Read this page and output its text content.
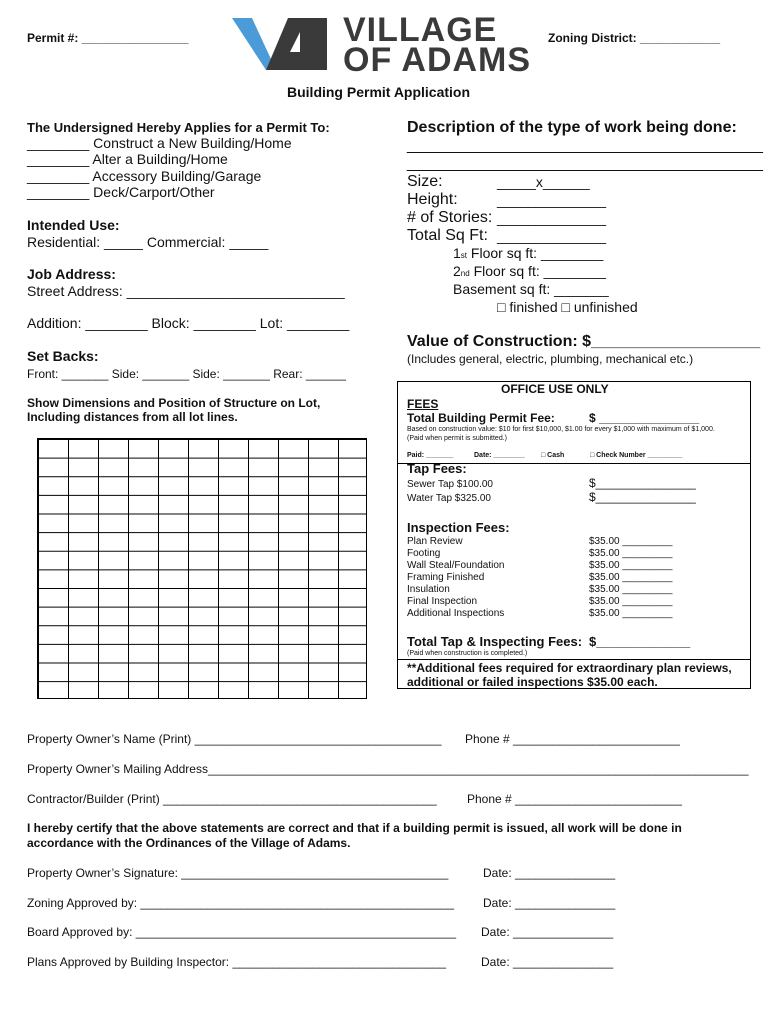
Permit #: ________________	Zoning District: ____________
VILLAGE
OF ADAMS
Building Permit Application
The Undersigned Hereby Applies for a Permit To:
________ Construct a New Building/Home
________ Alter a Building/Home
________ Accessory Building/Garage
________ Deck/Carport/Other
Intended Use:
Residential: _____ Commercial: _____
Job Address:
Street Address: ____________________________
Addition: ________ Block: ________ Lot: ________
Set Backs:
Front: _______ Side: _______ Side: _______ Rear: ______
Show Dimensions and Position of Structure on Lot,
Including distances from all lot lines.
Description of the type of work being done:
________________________________________
________________________________________
Size:	_____x______
Height:	______________
# of Stories: ______________
Total Sq Ft: ______________
1st Floor sq ft: ________
2nd Floor sq ft: ________
Basement sq ft: _______
□ finished □ unfinished
Value of Construction: $___________________
(Includes general, electric, plumbing, mechanical etc.)
OFFICE USE ONLY
FEES
Total Building Permit Fee:	$ _______________
Based on construction value: $10 for first $10,000, $1.00 for every $1,000 with maximum of $1,000.
(Paid when permit is submitted.)
Paid: _______	Date: ________ □ Cash	□ Check Number _________
Tap Fees:
Sewer Tap $100.00	$_______________
Water Tap $325.00	$_______________
Inspection Fees:
Plan Review	$35.00 _________
Footing	$35.00 _________
Wall Steal/Foundation	$35.00 _________
Framing Finished	$35.00 _________
Insulation	$35.00 _________
Final Inspection	$35.00 _________
Additional Inspections	$35.00 _________
Total Tap & Inspecting Fees: $_____________
(Paid when construction is completed.)
**Additional fees required for extraordinary plan reviews,
additional or failed inspections $35.00 each.
Property Owner’s Name (Print) _____________________________________ Phone # _________________________
Property Owner’s Mailing Address_________________________________________________________________________________
Contractor/Builder (Print) _________________________________________	Phone # _________________________
I hereby certify that the above statements are correct and that if a building permit is issued, all work will be done in
accordance with the Ordinances of the Village of Adams.
Property Owner’s Signature: ________________________________________	Date: _______________
Zoning Approved by: _______________________________________________ Date: _______________
Board Approved by: ________________________________________________ Date: _______________
Plans Approved by Building Inspector: ________________________________	Date: _______________
